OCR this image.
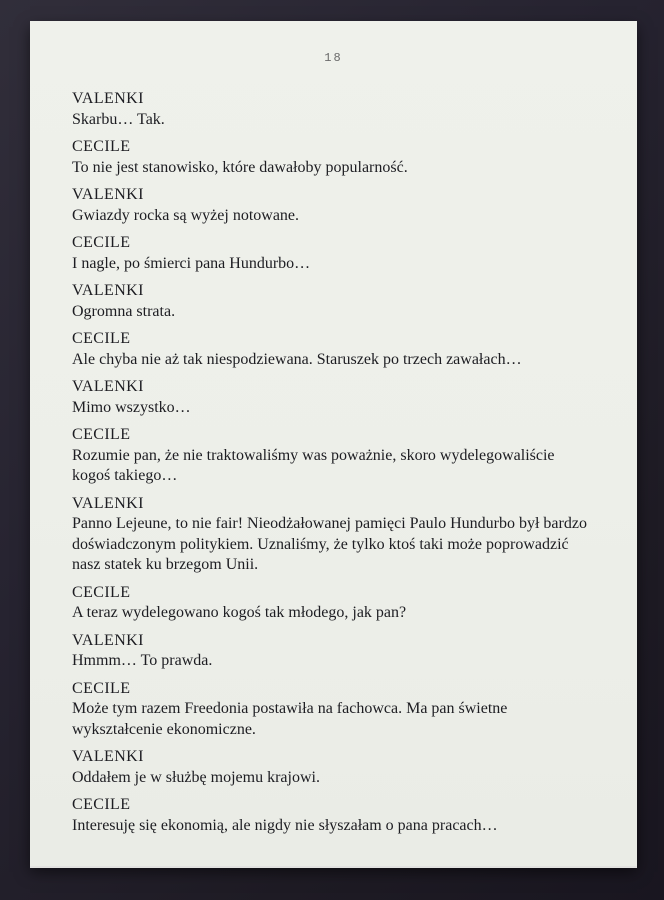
18
VALENKI
Skarbu… Tak.
CECILE
To nie jest stanowisko, które dawałoby popularność.
VALENKI
Gwiazdy rocka są wyżej notowane.
CECILE
I nagle, po śmierci pana Hundurbo…
VALENKI
Ogromna strata.
CECILE
Ale chyba nie aż tak niespodziewana. Staruszek po trzech zawałach…
VALENKI
Mimo wszystko…
CECILE
Rozumie pan, że nie traktowaliśmy was poważnie, skoro wydelegowaliście
kogoś takiego…
VALENKI
Panno Lejeune, to nie fair! Nieodżałowanej pamięci Paulo Hundurbo był bardzo
doświadczonym politykiem. Uznaliśmy, że tylko ktoś taki może poprowadzić
nasz statek ku brzegom Unii.
CECILE
A teraz wydelegowano kogoś tak młodego, jak pan?
VALENKI
Hmmm… To prawda.
CECILE
Może tym razem Freedonia postawiła na fachowca. Ma pan świetne
wykształcenie ekonomiczne.
VALENKI
Oddałem je w służbę mojemu krajowi.
CECILE
Interesuję się ekonomią, ale nigdy nie słyszałam o pana pracach…
